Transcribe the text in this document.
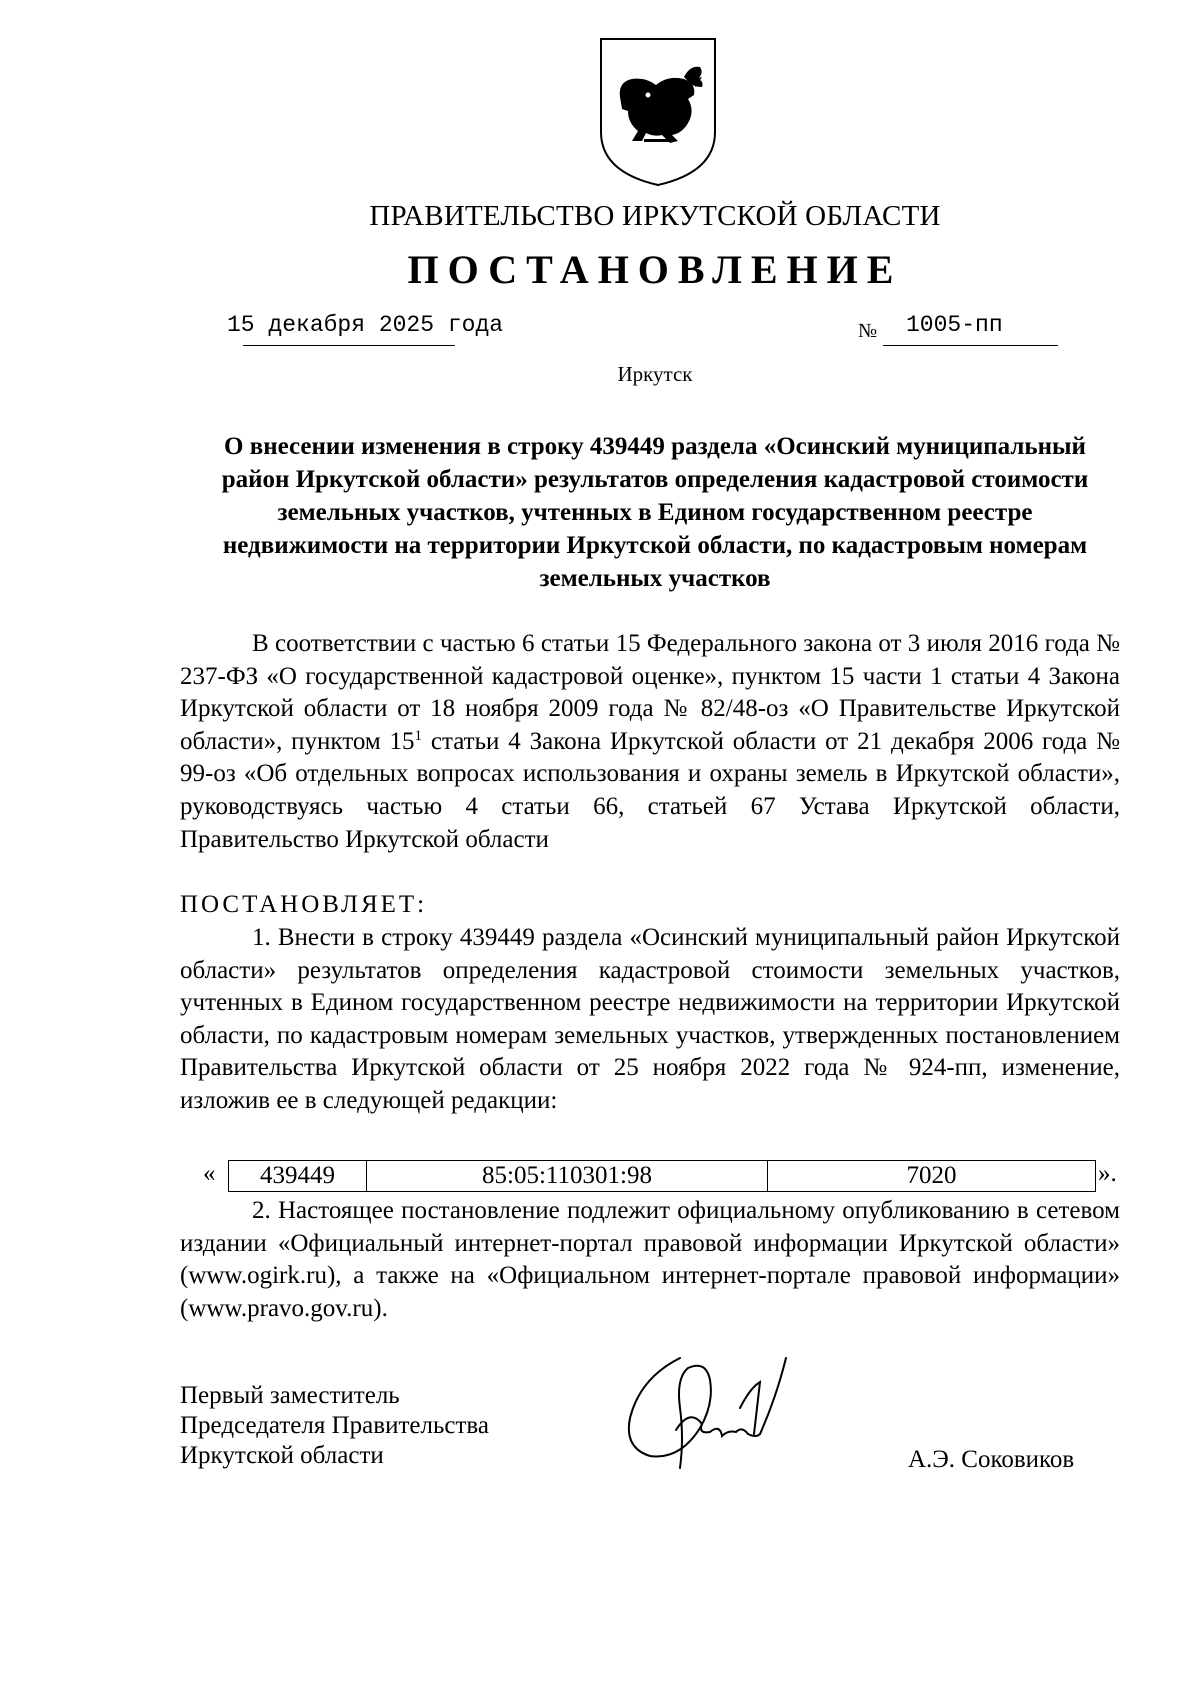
ПРАВИТЕЛЬСТВО ИРКУТСКОЙ ОБЛАСТИ
ПОСТАНОВЛЕНИЕ
15 декабря 2025 года	№ 1005-пп
Иркутск
О внесении изменения в строку 439449 раздела «Осинский муниципальный район Иркутской области» результатов определения кадастровой стоимости земельных участков, учтенных в Едином государственном реестре недвижимости на территории Иркутской области, по кадастровым номерам земельных участков
В соответствии с частью 6 статьи 15 Федерального закона от 3 июля 2016 года № 237-ФЗ «О государственной кадастровой оценке», пунктом 15 части 1 статьи 4 Закона Иркутской области от 18 ноября 2009 года № 82/48-оз «О Правительстве Иркутской области», пунктом $15^1$ статьи 4 Закона Иркутской области от 21 декабря 2006 года № 99-оз «Об отдельных вопросах использования и охраны земель в Иркутской области», руководствуясь частью 4 статьи 66, статьей 67 Устава Иркутской области, Правительство Иркутской области
ПОСТАНОВЛЯЕТ:
1. Внести в строку 439449 раздела «Осинский муниципальный район Иркутской области» результатов определения кадастровой стоимости земельных участков, учтенных в Едином государственном реестре недвижимости на территории Иркутской области, по кадастровым номерам земельных участков, утвержденных постановлением Правительства Иркутской области от 25 ноября 2022 года № 924-пп, изменение, изложив ее в следующей редакции:
«	439449	85:05:110301:98	7020	».
2. Настоящее постановление подлежит официальному опубликованию в сетевом издании «Официальный интернет-портал правовой информации Иркутской области» (www.ogirk.ru), а также на «Официальном интернет-портале правовой информации» (www.pravo.gov.ru).
Первый заместитель
Председателя Правительства
Иркутской области	А.Э. Соковиков
